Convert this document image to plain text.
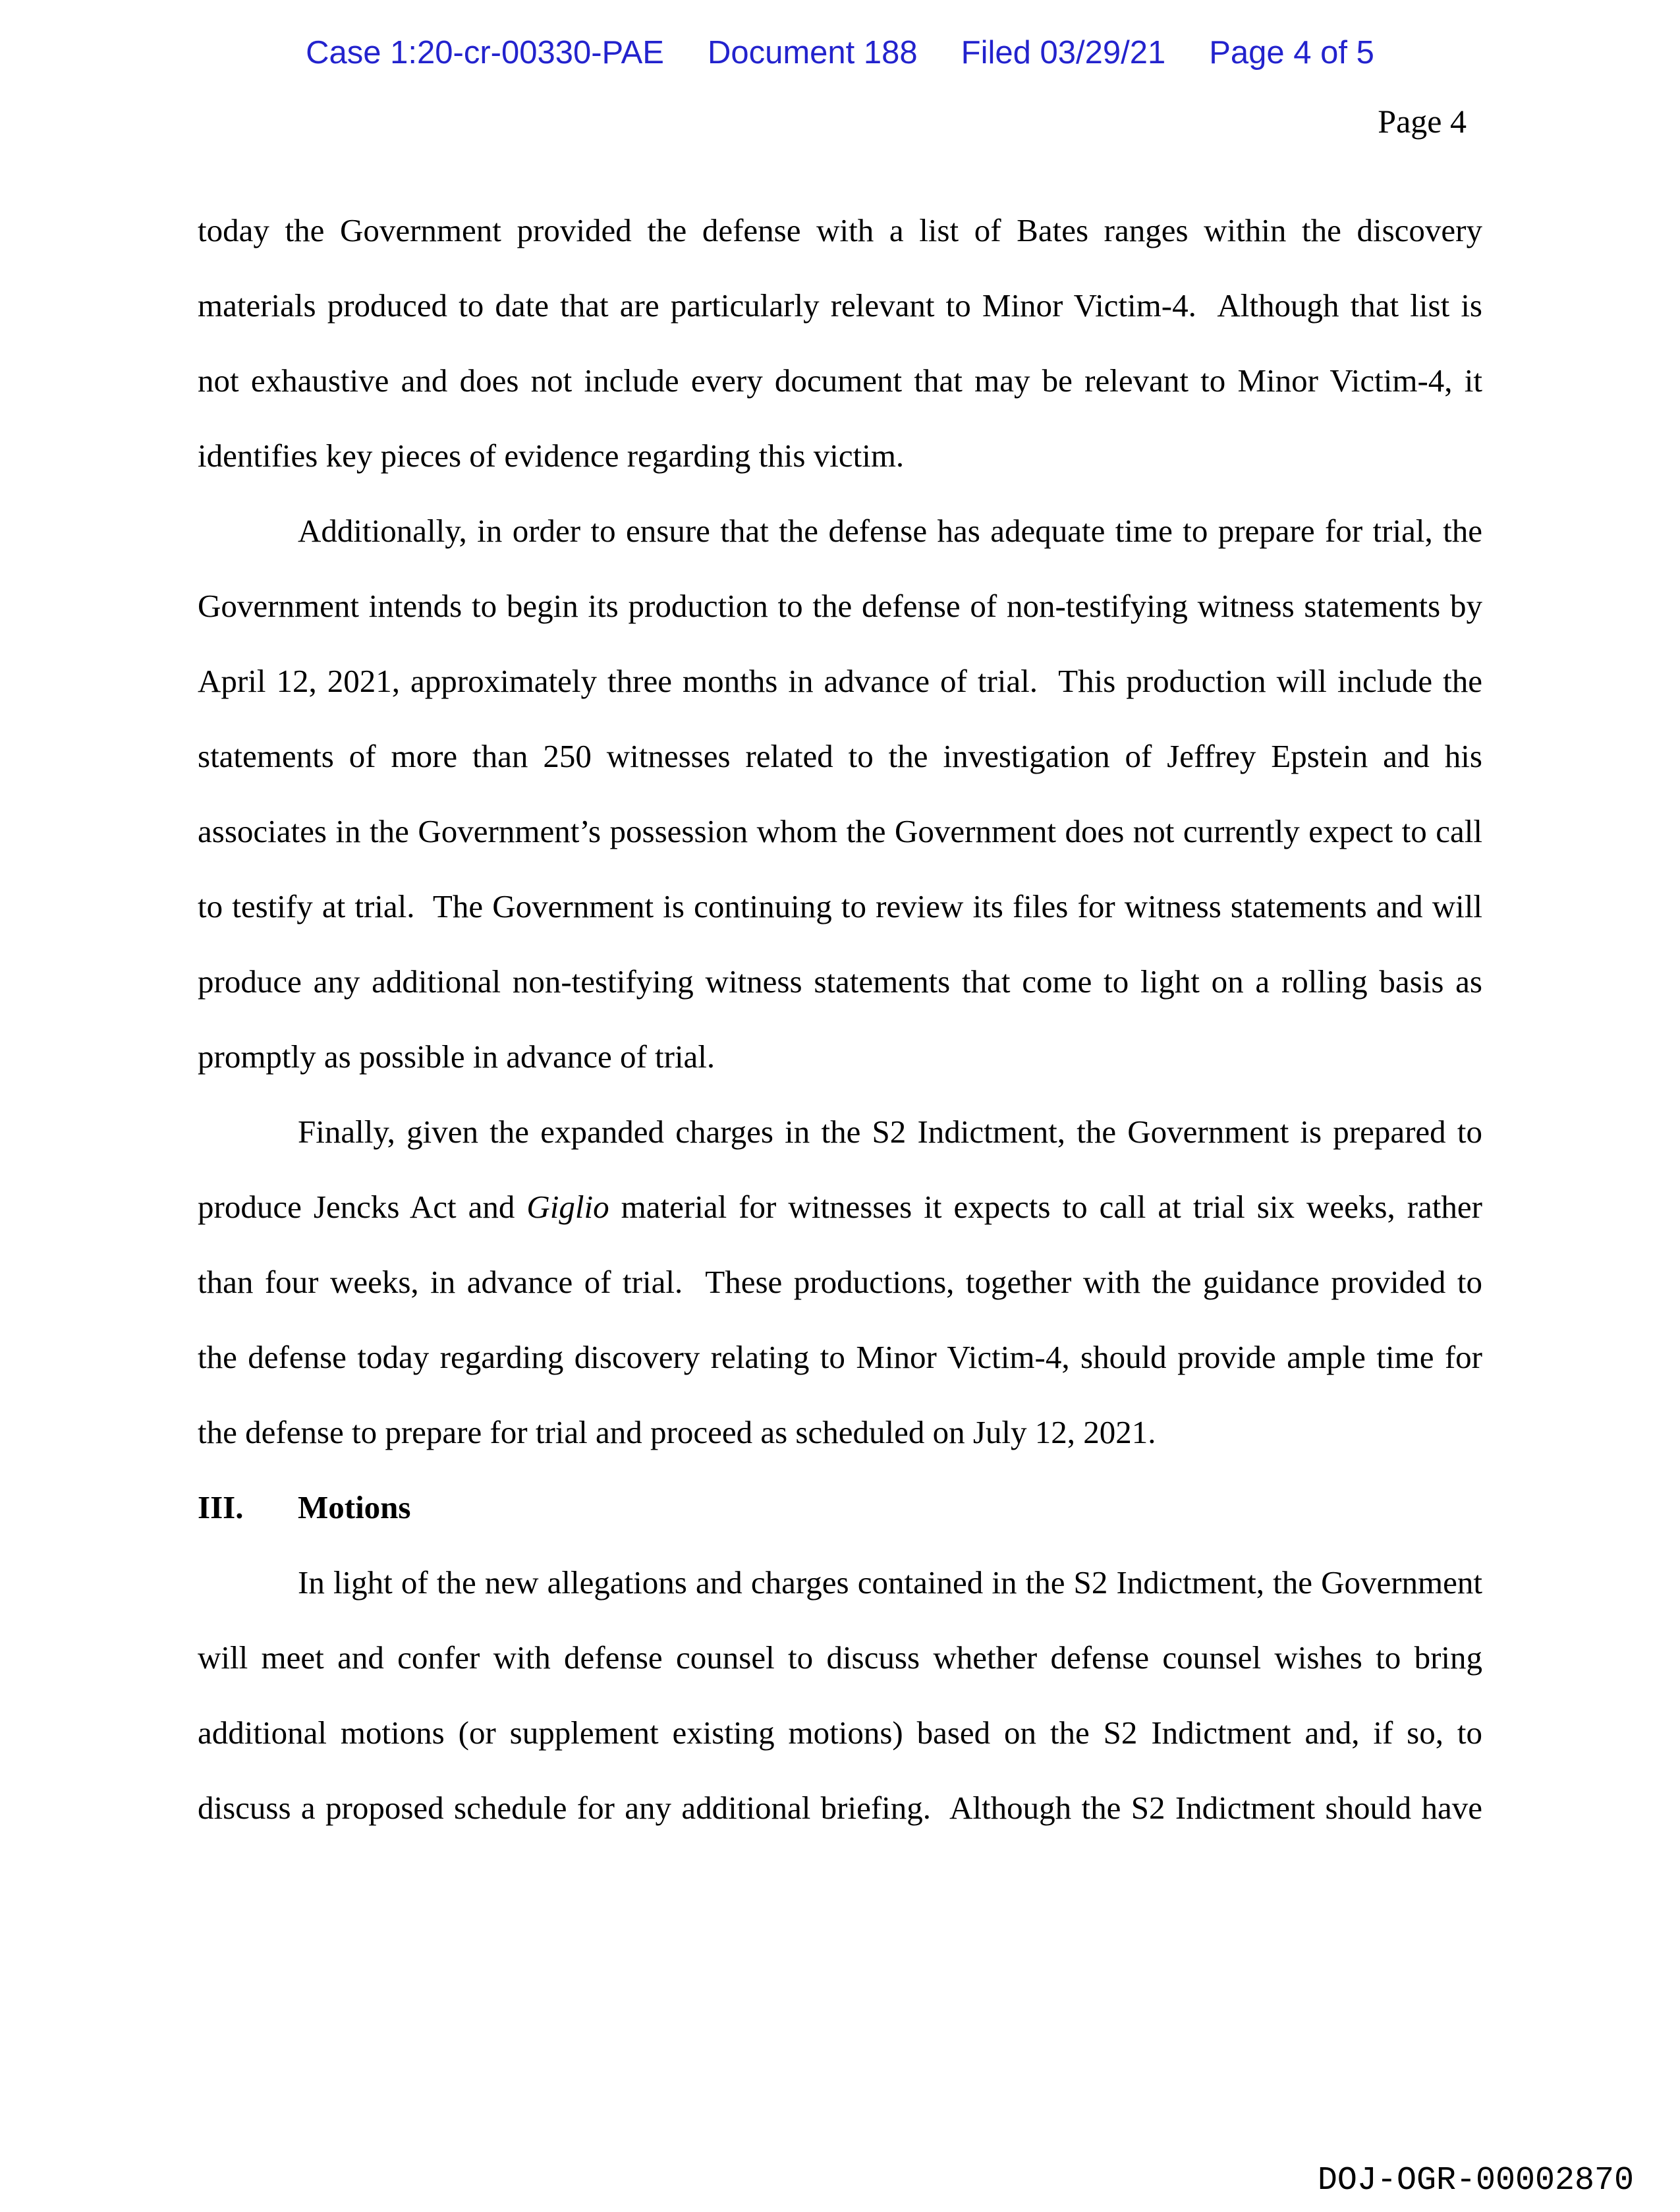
Case 1:20-cr-00330-PAE Document 188 Filed 03/29/21 Page 4 of 5
Page 4
today the Government provided the defense with a list of Bates ranges within the discovery
materials produced to date that are particularly relevant to Minor Victim-4.  Although that list is
not exhaustive and does not include every document that may be relevant to Minor Victim-4, it
identifies key pieces of evidence regarding this victim.
Additionally, in order to ensure that the defense has adequate time to prepare for trial, the
Government intends to begin its production to the defense of non-testifying witness statements by
April 12, 2021, approximately three months in advance of trial.  This production will include the
statements of more than 250 witnesses related to the investigation of Jeffrey Epstein and his
associates in the Government’s possession whom the Government does not currently expect to call
to testify at trial.  The Government is continuing to review its files for witness statements and will
produce any additional non-testifying witness statements that come to light on a rolling basis as
promptly as possible in advance of trial.
Finally, given the expanded charges in the S2 Indictment, the Government is prepared to
produce Jencks Act and Giglio material for witnesses it expects to call at trial six weeks, rather
than four weeks, in advance of trial.  These productions, together with the guidance provided to
the defense today regarding discovery relating to Minor Victim-4, should provide ample time for
the defense to prepare for trial and proceed as scheduled on July 12, 2021.
III. Motions
In light of the new allegations and charges contained in the S2 Indictment, the Government
will meet and confer with defense counsel to discuss whether defense counsel wishes to bring
additional motions (or supplement existing motions) based on the S2 Indictment and, if so, to
discuss a proposed schedule for any additional briefing.  Although the S2 Indictment should have
DOJ-OGR-00002870
